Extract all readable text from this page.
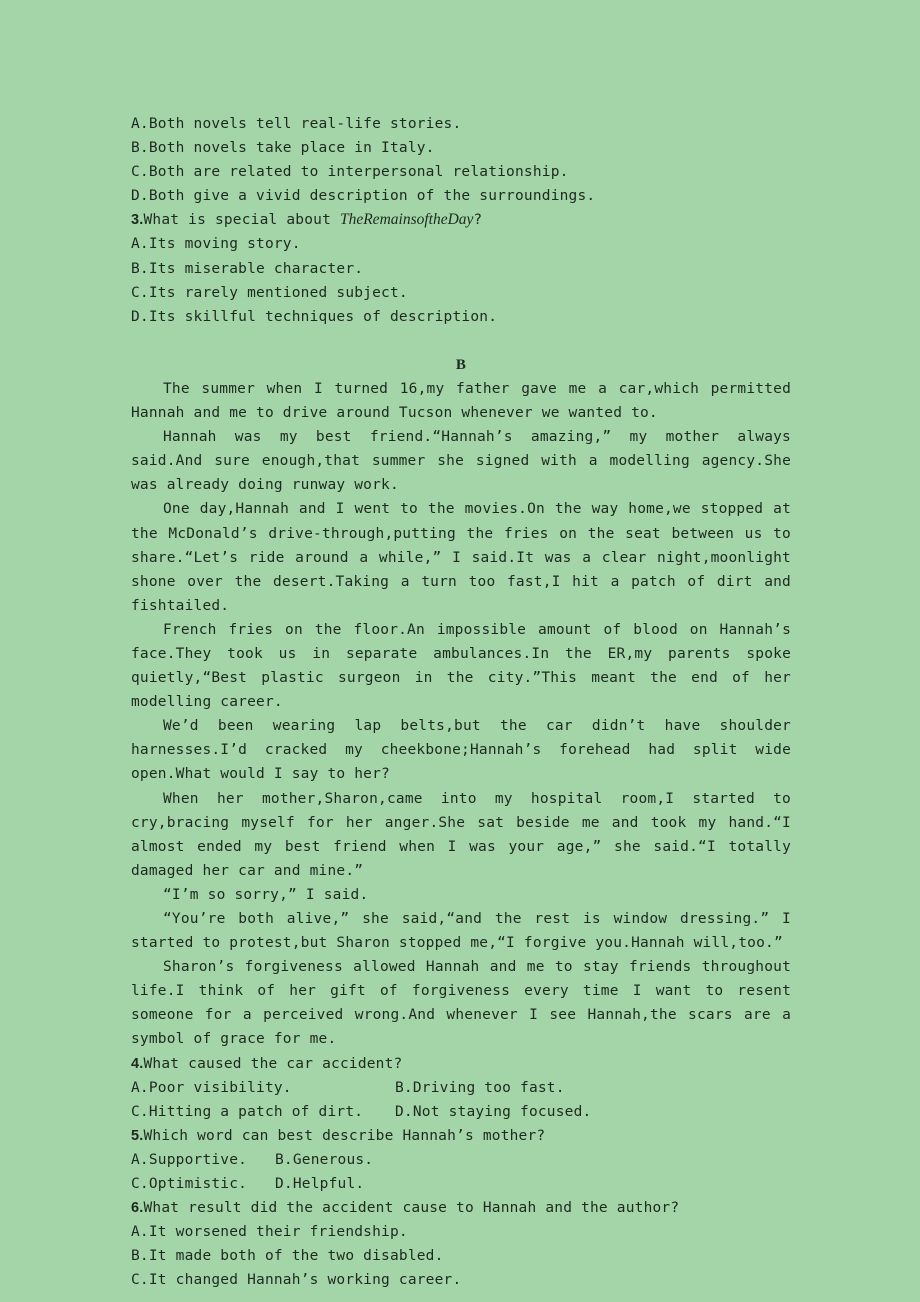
A.Both novels tell real-life stories.
B.Both novels take place in Italy.
C.Both are related to interpersonal relationship.
D.Both give a vivid description of the surroundings.
3.What is special about TheRemainsoftheDay?
A.Its moving story.
B.Its miserable character.
C.Its rarely mentioned subject.
D.Its skillful techniques of description.
B
The summer when I turned 16,my father gave me a car,which permitted Hannah and me to drive around Tucson whenever we wanted to.
Hannah was my best friend.“Hannah’s amazing,” my mother always said.And sure enough,that summer she signed with a modelling agency.She was already doing runway work.
One day,Hannah and I went to the movies.On the way home,we stopped at the McDonald’s drive-through,putting the fries on the seat between us to share.“Let’s ride around a while,” I said.It was a clear night,moonlight shone over the desert.Taking a turn too fast,I hit a patch of dirt and fishtailed.
French fries on the floor.An impossible amount of blood on Hannah’s face.They took us in separate ambulances.In the ER,my parents spoke quietly,“Best plastic surgeon in the city.”This meant the end of her modelling career.
We’d been wearing lap belts,but the car didn’t have shoulder harnesses.I’d cracked my cheekbone;Hannah’s forehead had split wide open.What would I say to her?
When her mother,Sharon,came into my hospital room,I started to cry,bracing myself for her anger.She sat beside me and took my hand.“I almost ended my best friend when I was your age,” she said.“I totally damaged her car and mine.”
“I’m so sorry,” I said.
“You’re both alive,” she said,“and the rest is window dressing.” I started to protest,but Sharon stopped me,“I forgive you.Hannah will,too.”
Sharon’s forgiveness allowed Hannah and me to stay friends throughout life.I think of her gift of forgiveness every time I want to resent someone for a perceived wrong.And whenever I see Hannah,the scars are a symbol of grace for me.
4.What caused the car accident?
A.Poor visibility.	B.Driving too fast.
C.Hitting a patch of dirt.	D.Not staying focused.
5.Which word can best describe Hannah’s mother?
A.Supportive.	B.Generous.
C.Optimistic.	D.Helpful.
6.What result did the accident cause to Hannah and the author?
A.It worsened their friendship.
B.It made both of the two disabled.
C.It changed Hannah’s working career.
